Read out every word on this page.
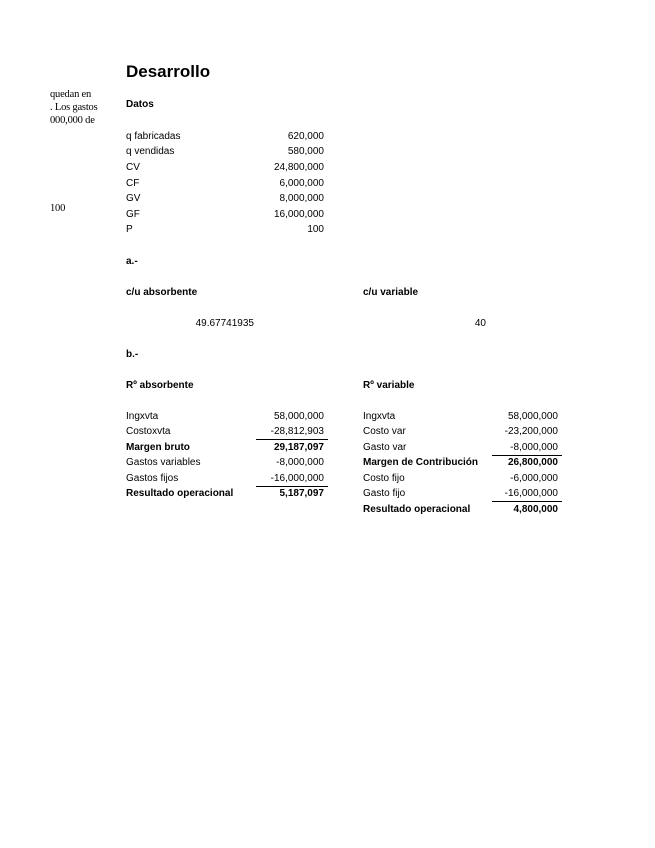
Desarrollo
quedan en
. Los gastos
000,000 de
100
Datos
q fabricadas	620,000
q vendidas	580,000
CV	24,800,000
CF	6,000,000
GV	8,000,000
GF	16,000,000
P	100
a.-
c/u absorbente	c/u variable
49.67741935	40
b.-
Rº absorbente	Rº variable
Ingxvta	58,000,000
Costoxvta	-28,812,903
Margen bruto	29,187,097
Gastos variables	-8,000,000
Gastos fijos	-16,000,000
Resultado operacional	5,187,097
Ingxvta	58,000,000
Costo var	-23,200,000
Gasto var	-8,000,000
Margen de Contribución	26,800,000
Costo fijo	-6,000,000
Gasto fijo	-16,000,000
Resultado operacional	4,800,000
